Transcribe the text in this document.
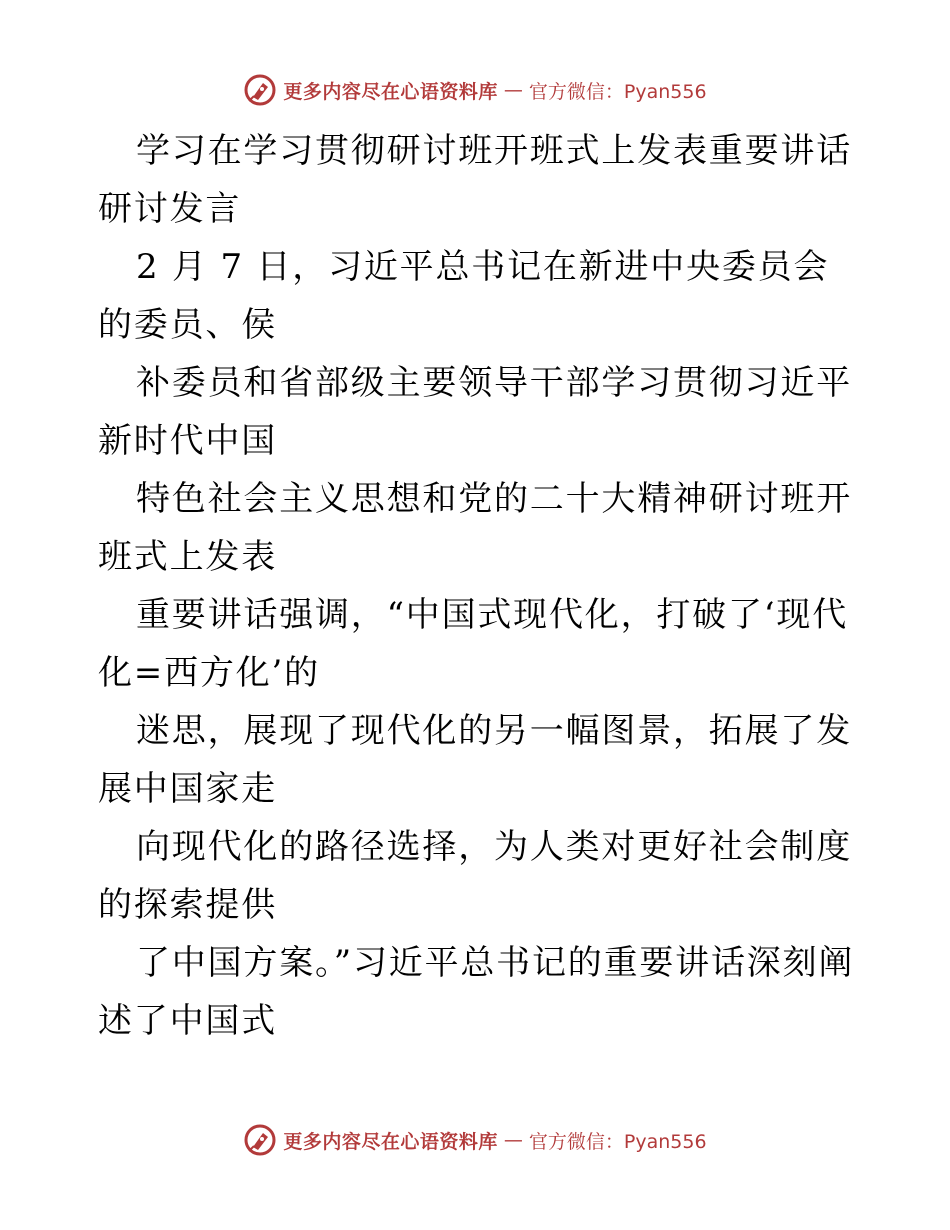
更多内容尽在心语资料库 — 官方微信：Pyan556

学习在学习贯彻研讨班开班式上发表重要讲话研讨发言

2 月 7 日，习近平总书记在新进中央委员会的委员、侯

补委员和省部级主要领导干部学习贯彻习近平新时代中国

特色社会主义思想和党的二十大精神研讨班开班式上发表

重要讲话强调，“中国式现代化，打破了‘现代化=西方化’的

迷思，展现了现代化的另一幅图景，拓展了发展中国家走

向现代化的路径选择，为人类对更好社会制度的探索提供

了中国方案。”习近平总书记的重要讲话深刻阐述了中国式

更多内容尽在心语资料库 — 官方微信：Pyan556
